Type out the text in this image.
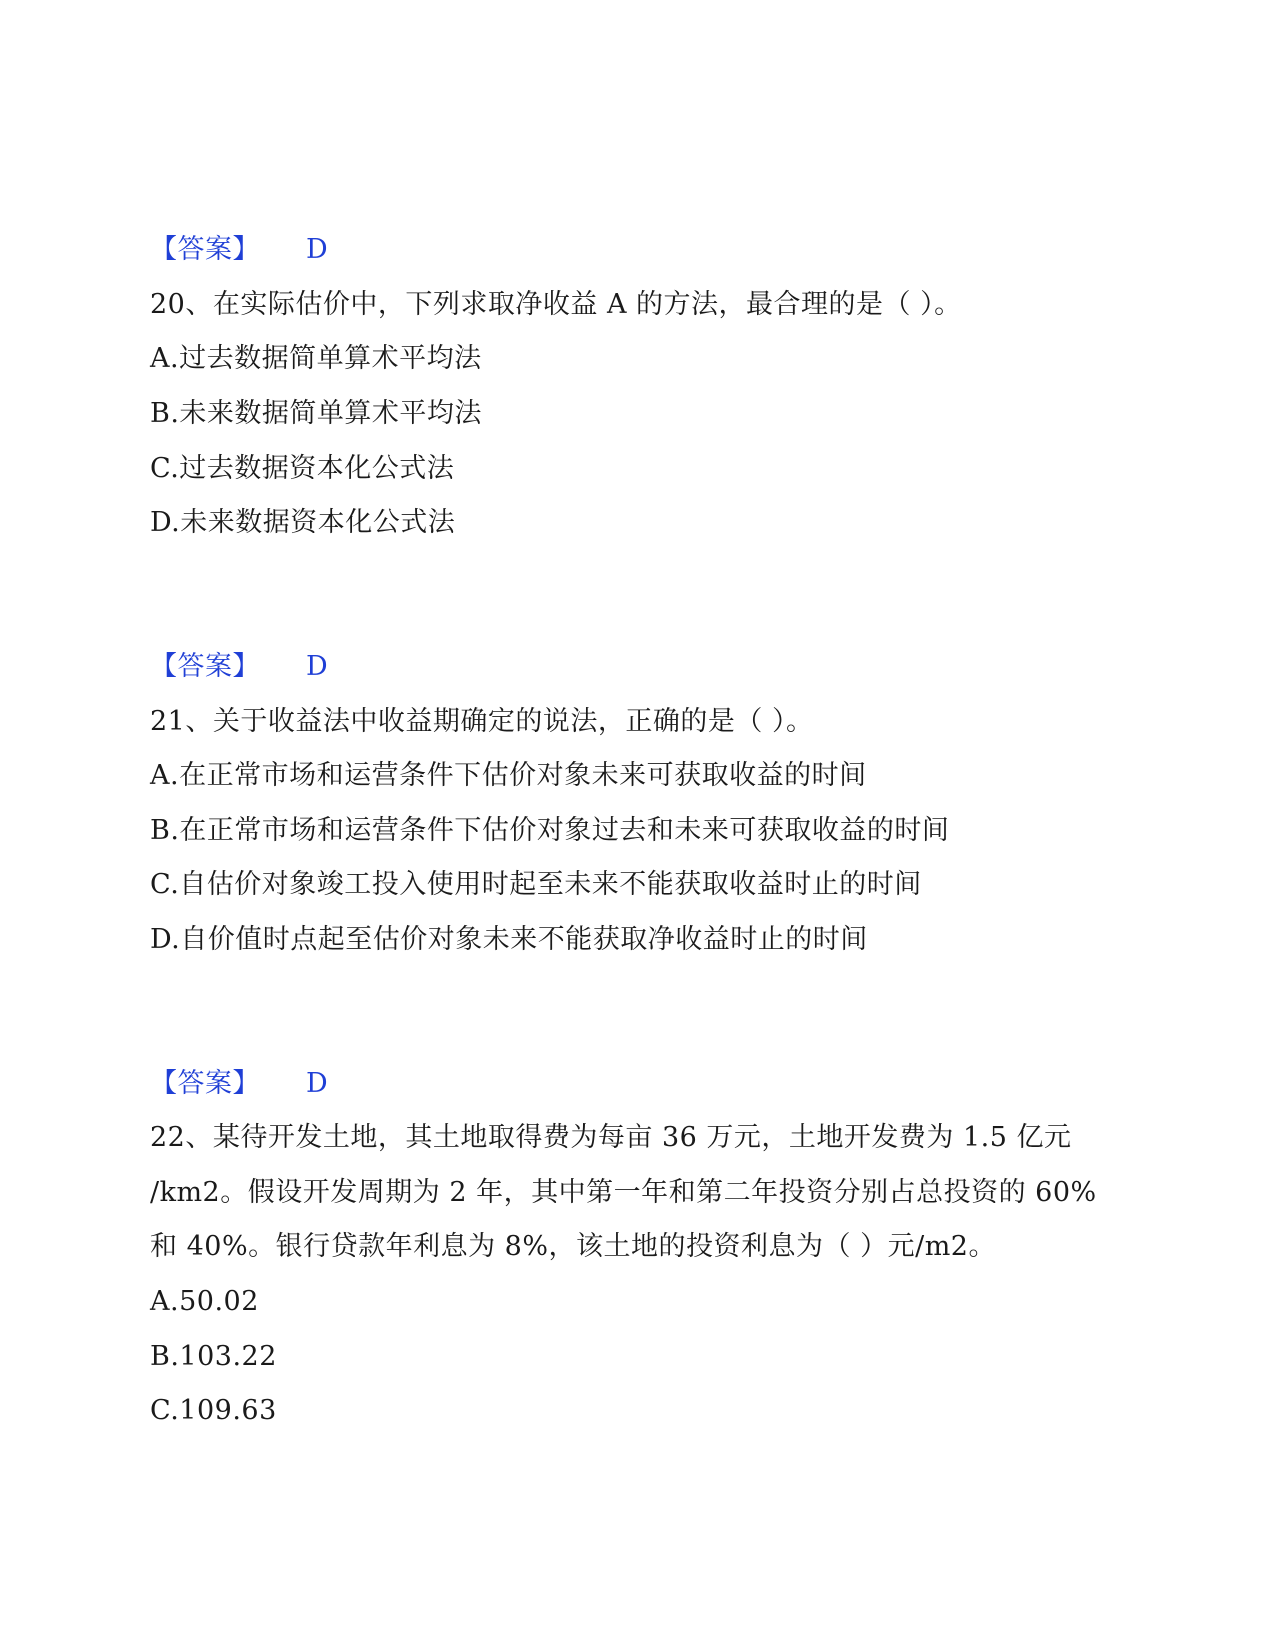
【答案】 D
20、在实际估价中，下列求取净收益 A 的方法，最合理的是（ ）。
A.过去数据简单算术平均法
B.未来数据简单算术平均法
C.过去数据资本化公式法
D.未来数据资本化公式法
【答案】 D
21、关于收益法中收益期确定的说法，正确的是（ ）。
A.在正常市场和运营条件下估价对象未来可获取收益的时间
B.在正常市场和运营条件下估价对象过去和未来可获取收益的时间
C.自估价对象竣工投入使用时起至未来不能获取收益时止的时间
D.自价值时点起至估价对象未来不能获取净收益时止的时间
【答案】 D
22、某待开发土地，其土地取得费为每亩 36 万元，土地开发费为 1.5 亿元
/km2。假设开发周期为 2 年，其中第一年和第二年投资分别占总投资的 60%
和 40%。银行贷款年利息为 8%，该土地的投资利息为（ ）元/m2。
A.50.02
B.103.22
C.109.63
